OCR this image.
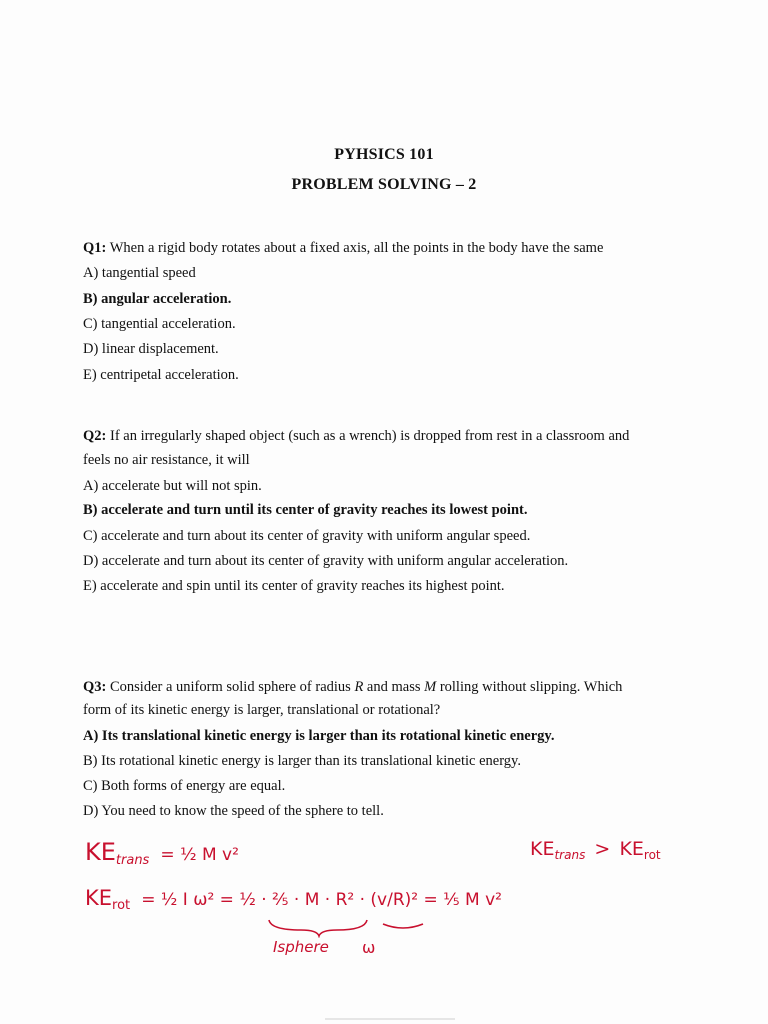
PYHSICS 101
PROBLEM SOLVING – 2
Q1: When a rigid body rotates about a fixed axis, all the points in the body have the same
A) tangential speed
B) angular acceleration.
C) tangential acceleration.
D) linear displacement.
E) centripetal acceleration.
Q2: If an irregularly shaped object (such as a wrench) is dropped from rest in a classroom and
feels no air resistance, it will
A) accelerate but will not spin.
B) accelerate and turn until its center of gravity reaches its lowest point.
C) accelerate and turn about its center of gravity with uniform angular speed.
D) accelerate and turn about its center of gravity with uniform angular acceleration.
E) accelerate and spin until its center of gravity reaches its highest point.
Q3: Consider a uniform solid sphere of radius R and mass M rolling without slipping. Which
form of its kinetic energy is larger, translational or rotational?
A) Its translational kinetic energy is larger than its rotational kinetic energy.
B) Its rotational kinetic energy is larger than its translational kinetic energy.
C) Both forms of energy are equal.
D) You need to know the speed of the sphere to tell.
$KE_{trans}$ = ½ M v²	$KE_{trans} > KE_{rot}$
$KE_{rot}$ = ½ I ω² = ½ · ⅖ · M · R² · (v/R)² = ⅕ M v²
Isphere ω
